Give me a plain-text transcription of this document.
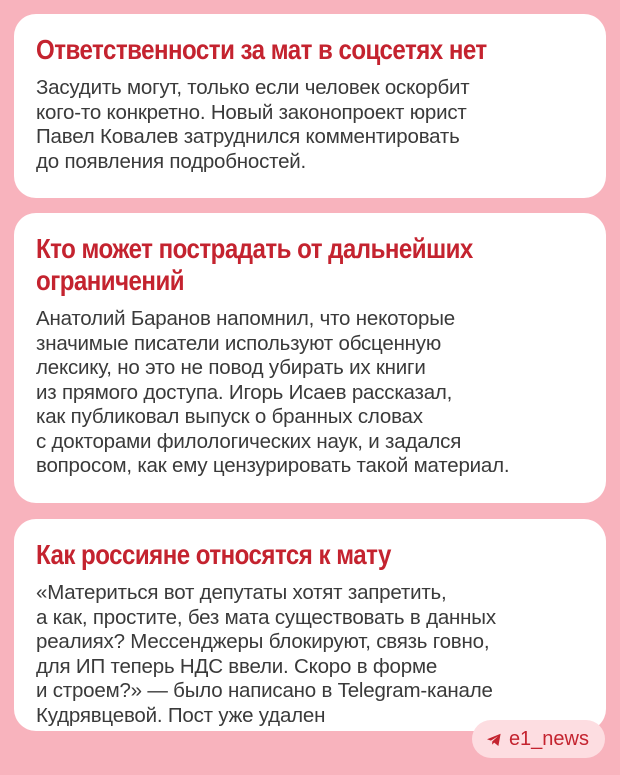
Ответственности за мат в соцсетях нет
Засудить могут, только если человек оскорбит
кого-то конкретно. Новый законопроект юрист
Павел Ковалев затруднился комментировать
до появления подробностей.
Кто может пострадать от дальнейших
ограничений
Анатолий Баранов напомнил, что некоторые
значимые писатели используют обсценную
лексику, но это не повод убирать их книги
из прямого доступа. Игорь Исаев рассказал,
как публиковал выпуск о бранных словах
с докторами филологических наук, и задался
вопросом, как ему цензурировать такой материал.
Как россияне относятся к мату
«Материться вот депутаты хотят запретить,
а как, простите, без мата существовать в данных
реалиях? Мессенджеры блокируют, связь говно,
для ИП теперь НДС ввели. Скоро в форме
и строем?» — было написано в Telegram-канале
Кудрявцевой. Пост уже удален
e1_news
